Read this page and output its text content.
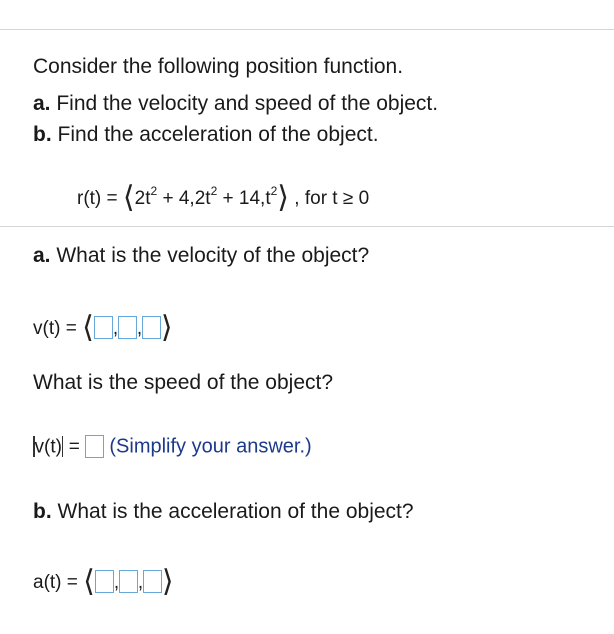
Consider the following position function.
a. Find the velocity and speed of the object.
b. Find the acceleration of the object.
$r(t) = ⟨2t^2 + 4,2t^2$ + $14,t^2⟩$ , for t ≥ 0
a. What is the velocity of the object?
v(t) = ⟨ , , ⟩
What is the speed of the object?
v(t) = (Simplify your answer.)
b. What is the acceleration of the object?
a(t) = ⟨ , , ⟩
